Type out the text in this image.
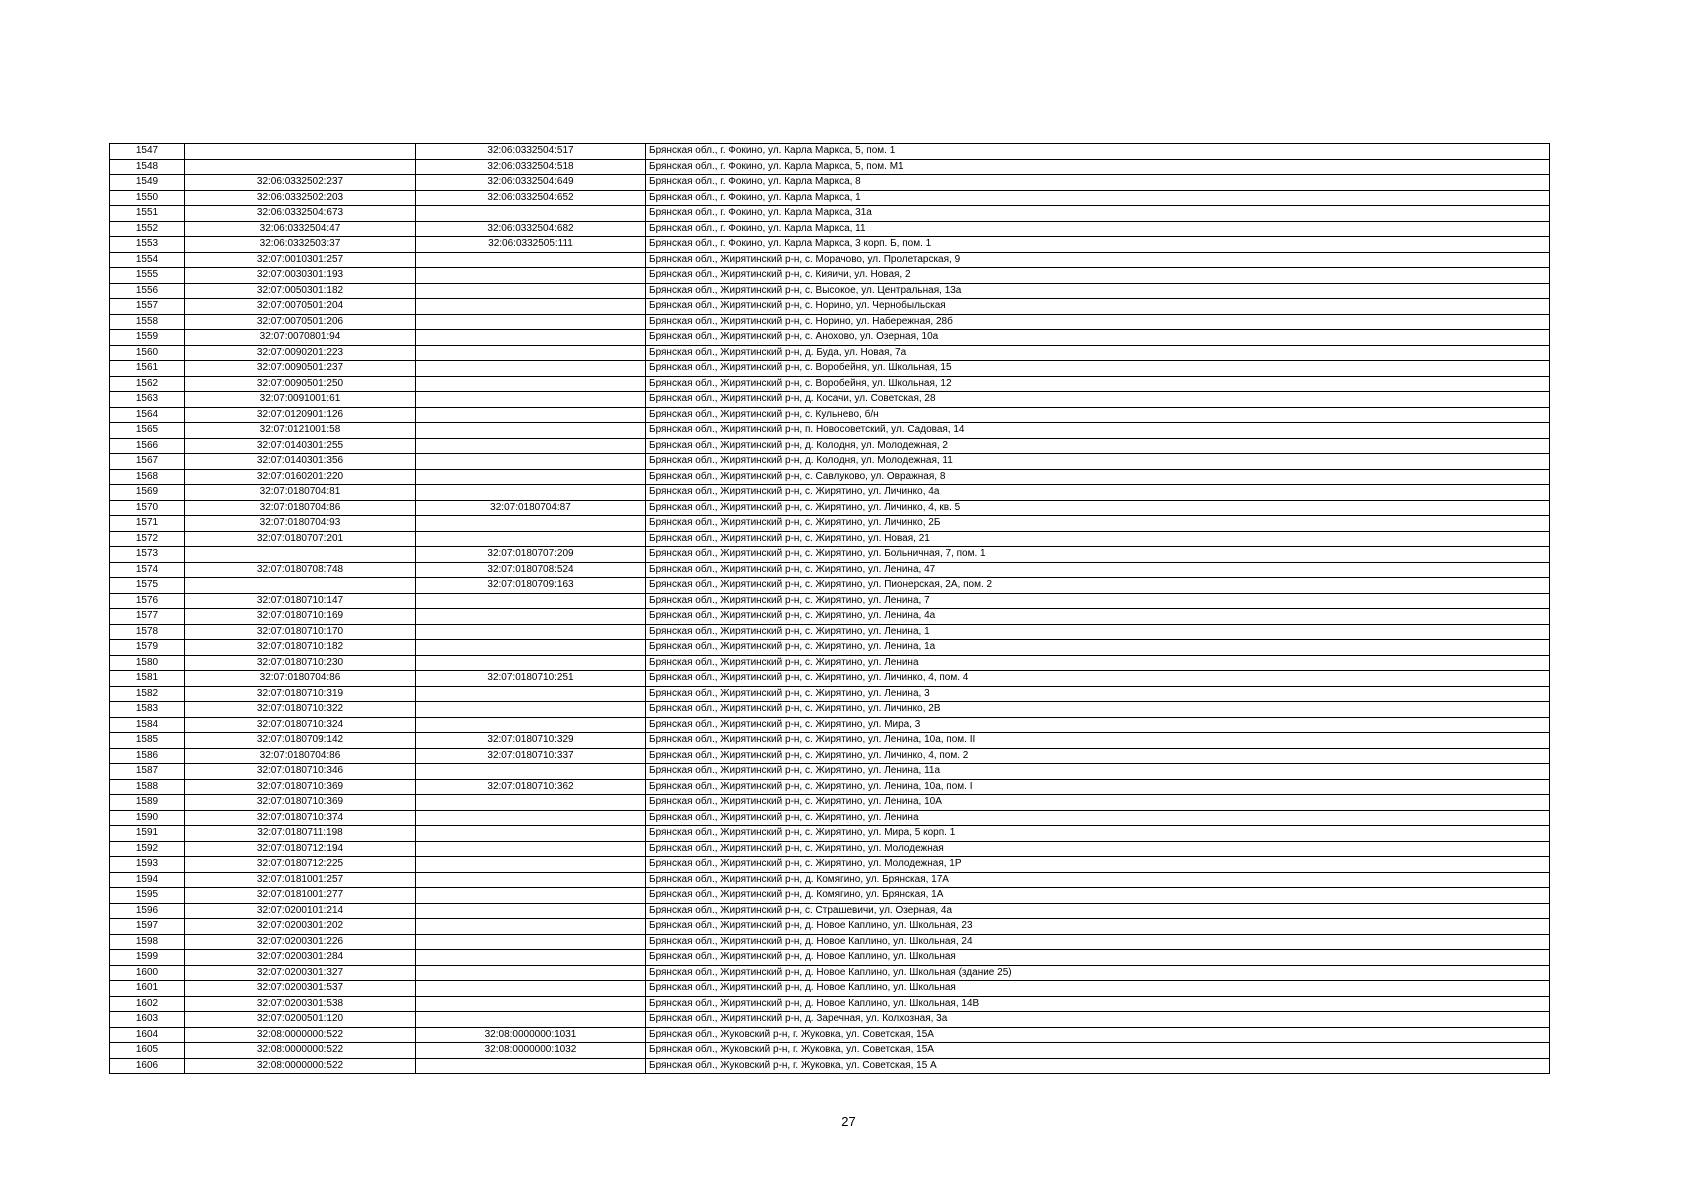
1547		32:06:0332504:517	Брянская обл., г. Фокино, ул. Карла Маркса, 5, пом. 1
1548		32:06:0332504:518	Брянская обл., г. Фокино, ул. Карла Маркса, 5, пом. М1
1549	32:06:0332502:237	32:06:0332504:649	Брянская обл., г. Фокино, ул. Карла Маркса, 8
1550	32:06:0332502:203	32:06:0332504:652	Брянская обл., г. Фокино, ул. Карла Маркса, 1
1551	32:06:0332504:673		Брянская обл., г. Фокино, ул. Карла Маркса, 31а
1552	32:06:0332504:47	32:06:0332504:682	Брянская обл., г. Фокино, ул. Карла Маркса, 11
1553	32:06:0332503:37	32:06:0332505:111	Брянская обл., г. Фокино, ул. Карла Маркса, 3 корп. Б, пом. 1
1554	32:07:0010301:257		Брянская обл., Жирятинский р-н, с. Морачово, ул. Пролетарская, 9
1555	32:07:0030301:193		Брянская обл., Жирятинский р-н, с. Кияичи, ул. Новая, 2
1556	32:07:0050301:182		Брянская обл., Жирятинский р-н, с. Высокое, ул. Центральная, 13а
1557	32:07:0070501:204		Брянская обл., Жирятинский р-н, с. Норино, ул. Чернобыльская
1558	32:07:0070501:206		Брянская обл., Жирятинский р-н, с. Норино, ул. Набережная, 28б
1559	32:07:0070801:94		Брянская обл., Жирятинский р-н, с. Анохово, ул. Озерная, 10а
1560	32:07:0090201:223		Брянская обл., Жирятинский р-н, д. Буда, ул. Новая, 7а
1561	32:07:0090501:237		Брянская обл., Жирятинский р-н, с. Воробейня, ул. Школьная, 15
1562	32:07:0090501:250		Брянская обл., Жирятинский р-н, с. Воробейня, ул. Школьная, 12
1563	32:07:0091001:61		Брянская обл., Жирятинский р-н, д. Косачи, ул. Советская, 28
1564	32:07:0120901:126		Брянская обл., Жирятинский р-н, с. Кульнево, б/н
1565	32:07:0121001:58		Брянская обл., Жирятинский р-н, п. Новосоветский, ул. Садовая, 14
1566	32:07:0140301:255		Брянская обл., Жирятинский р-н, д. Колодня, ул. Молодежная, 2
1567	32:07:0140301:356		Брянская обл., Жирятинский р-н, д. Колодня, ул. Молодежная, 11
1568	32:07:0160201:220		Брянская обл., Жирятинский р-н, с. Савлуково, ул. Овражная, 8
1569	32:07:0180704:81		Брянская обл., Жирятинский р-н, с. Жирятино, ул. Личинко, 4а
1570	32:07:0180704:86	32:07:0180704:87	Брянская обл., Жирятинский р-н, с. Жирятино, ул. Личинко, 4, кв. 5
1571	32:07:0180704:93		Брянская обл., Жирятинский р-н, с. Жирятино, ул. Личинко, 2Б
1572	32:07:0180707:201		Брянская обл., Жирятинский р-н, с. Жирятино, ул. Новая, 21
1573		32:07:0180707:209	Брянская обл., Жирятинский р-н, с. Жирятино, ул. Больничная, 7, пом. 1
1574	32:07:0180708:748	32:07:0180708:524	Брянская обл., Жирятинский р-н, с. Жирятино, ул. Ленина, 47
1575		32:07:0180709:163	Брянская обл., Жирятинский р-н, с. Жирятино, ул. Пионерская, 2А, пом. 2
1576	32:07:0180710:147		Брянская обл., Жирятинский р-н, с. Жирятино, ул. Ленина, 7
1577	32:07:0180710:169		Брянская обл., Жирятинский р-н, с. Жирятино, ул. Ленина, 4а
1578	32:07:0180710:170		Брянская обл., Жирятинский р-н, с. Жирятино, ул. Ленина, 1
1579	32:07:0180710:182		Брянская обл., Жирятинский р-н, с. Жирятино, ул. Ленина, 1а
1580	32:07:0180710:230		Брянская обл., Жирятинский р-н, с. Жирятино, ул. Ленина
1581	32:07:0180704:86	32:07:0180710:251	Брянская обл., Жирятинский р-н, с. Жирятино, ул. Личинко, 4, пом. 4
1582	32:07:0180710:319		Брянская обл., Жирятинский р-н, с. Жирятино, ул. Ленина, 3
1583	32:07:0180710:322		Брянская обл., Жирятинский р-н, с. Жирятино, ул. Личинко, 2В
1584	32:07:0180710:324		Брянская обл., Жирятинский р-н, с. Жирятино, ул. Мира, 3
1585	32:07:0180709:142	32:07:0180710:329	Брянская обл., Жирятинский р-н, с. Жирятино, ул. Ленина, 10а, пом. II
1586	32:07:0180704:86	32:07:0180710:337	Брянская обл., Жирятинский р-н, с. Жирятино, ул. Личинко, 4, пом. 2
1587	32:07:0180710:346		Брянская обл., Жирятинский р-н, с. Жирятино, ул. Ленина, 11а
1588	32:07:0180710:369	32:07:0180710:362	Брянская обл., Жирятинский р-н, с. Жирятино, ул. Ленина, 10а, пом. I
1589	32:07:0180710:369		Брянская обл., Жирятинский р-н, с. Жирятино, ул. Ленина, 10А
1590	32:07:0180710:374		Брянская обл., Жирятинский р-н, с. Жирятино, ул. Ленина
1591	32:07:0180711:198		Брянская обл., Жирятинский р-н, с. Жирятино, ул. Мира, 5 корп. 1
1592	32:07:0180712:194		Брянская обл., Жирятинский р-н, с. Жирятино, ул. Молодежная
1593	32:07:0180712:225		Брянская обл., Жирятинский р-н, с. Жирятино, ул. Молодежная, 1Р
1594	32:07:0181001:257		Брянская обл., Жирятинский р-н, д. Комягино, ул. Брянская, 17А
1595	32:07:0181001:277		Брянская обл., Жирятинский р-н, д. Комягино, ул. Брянская, 1А
1596	32:07:0200101:214		Брянская обл., Жирятинский р-н, с. Страшевичи, ул. Озерная, 4а
1597	32:07:0200301:202		Брянская обл., Жирятинский р-н, д. Новое Каплино, ул. Школьная, 23
1598	32:07:0200301:226		Брянская обл., Жирятинский р-н, д. Новое Каплино, ул. Школьная, 24
1599	32:07:0200301:284		Брянская обл., Жирятинский р-н, д. Новое Каплино, ул. Школьная
1600	32:07:0200301:327		Брянская обл., Жирятинский р-н, д. Новое Каплино, ул. Школьная (здание 25)
1601	32:07:0200301:537		Брянская обл., Жирятинский р-н, д. Новое Каплино, ул. Школьная
1602	32:07:0200301:538		Брянская обл., Жирятинский р-н, д. Новое Каплино, ул. Школьная, 14В
1603	32:07:0200501:120		Брянская обл., Жирятинский р-н, д. Заречная, ул. Колхозная, 3а
1604	32:08:0000000:522	32:08:0000000:1031	Брянская обл., Жуковский р-н, г. Жуковка, ул. Советская, 15А
1605	32:08:0000000:522	32:08:0000000:1032	Брянская обл., Жуковский р-н, г. Жуковка, ул. Советская, 15А
1606	32:08:0000000:522		Брянская обл., Жуковский р-н, г. Жуковка, ул. Советская, 15 А
27
